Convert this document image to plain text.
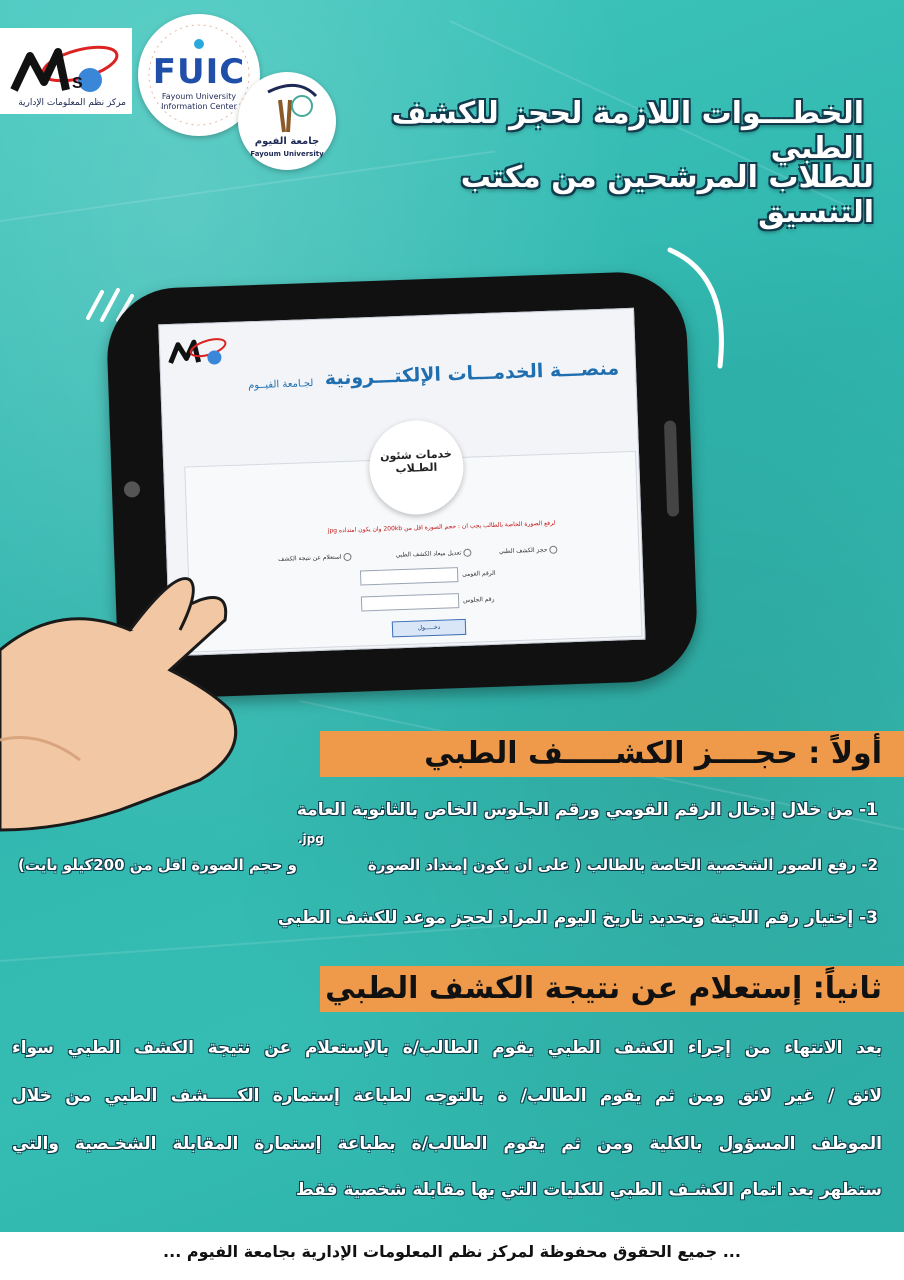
S
مركز نظم المعلومات الإدارية
FUIC
Fayoum University Information Center
جامعة الفيوم
Fayoum University
الخطـــوات اللازمة لحجز للكشف الطبي
للطلاب المرشحين من مكتب التنسيق
منصـــة الخدمـــات الإلكتـــرونية
لجـامعة الفيــوم
خدمات شئون
الطـلاب
لرفع الصورة الخاصة بالطالب يجب ان : حجم الصورة اقل من 200kb وان يكون امتداده jpg
حجز الكشف الطبي
تعديل ميعاد الكشف الطبي
استعلام عن نتيجة الكشف
الرقم القومى
رقم الجلوس
دخـــــول
أولاً : حجــــز الكشـــــف الطبي
1- من خلال إدخال الرقم القومي ورقم الجلوس الخاص بالثانوية العامة
.jpg
2- رفع الصور الشخصية الخاصة بالطالب ( على ان يكون إمتداد الصورة
و حجم الصورة اقل من 200كيلو بايت)
3- إختيار رقم اللجنة وتحديد تاريخ اليوم المراد لحجز موعد للكشف الطبي
ثانياً: إستعلام عن نتيجة الكشف الطبي
بعد الانتهاء من إجراء الكشف الطبي يقوم الطالب/ة بالإستعلام عن نتيجة الكشف الطبي سواء
لائق / غير لائق ومن ثم يقوم الطالب/ ة بالتوجه لطباعة إستمارة الكـــــشف الطبي من خلال
الموظف المسؤول بالكلية ومن ثم يقوم الطالب/ة بطباعة إستمارة المقابلة الشخـصية والتي
ستظهر بعد اتمام الكشـف الطبي للكليات التي بها مقابلة شخصية فقط
... جميع الحقوق محفوظة لمركز نظم المعلومات الإدارية بجامعة الفيوم ...
